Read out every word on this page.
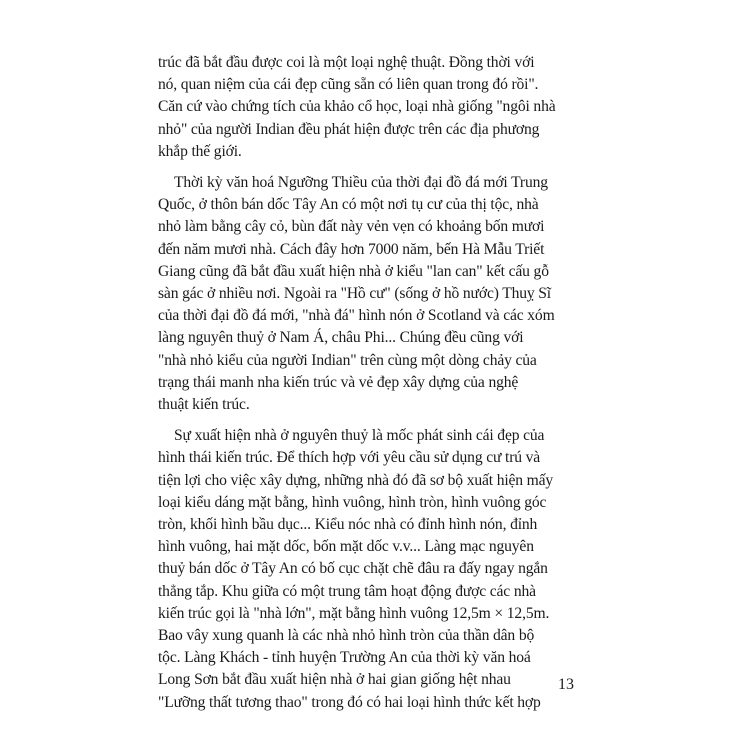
trúc đã bắt đầu được coi là một loại nghệ thuật. Đồng thời với
nó, quan niệm của cái đẹp cũng sẵn có liên quan trong đó rồi".
Căn cứ vào chứng tích của khảo cổ học, loại nhà giống "ngôi nhà
nhỏ" của người Indian đều phát hiện được trên các địa phương
khắp thế giới.

Thời kỳ văn hoá Ngưỡng Thiều của thời đại đồ đá mới Trung
Quốc, ở thôn bán dốc Tây An có một nơi tụ cư của thị tộc, nhà
nhỏ làm bằng cây cỏ, bùn đất này vẻn vẹn có khoảng bốn mươi
đến năm mươi nhà. Cách đây hơn 7000 năm, bến Hà Mẫu Triết
Giang cũng đã bắt đầu xuất hiện nhà ở kiểu "lan can" kết cấu gỗ
sàn gác ở nhiều nơi. Ngoài ra "Hồ cư" (sống ở hồ nước) Thuỵ Sĩ
của thời đại đồ đá mới, "nhà đá" hình nón ở Scotland và các xóm
làng nguyên thuỷ ở Nam Á, châu Phi... Chúng đều cũng với
"nhà nhỏ kiểu của người Indian" trên cùng một dòng chảy của
trạng thái manh nha kiến trúc và vẻ đẹp xây dựng của nghệ
thuật kiến trúc.

Sự xuất hiện nhà ở nguyên thuỷ là mốc phát sinh cái đẹp của
hình thái kiến trúc. Để thích hợp với yêu cầu sử dụng cư trú và
tiện lợi cho việc xây dựng, những nhà đó đã sơ bộ xuất hiện mấy
loại kiểu dáng mặt bằng, hình vuông, hình tròn, hình vuông góc
tròn, khối hình bầu dục... Kiểu nóc nhà có đỉnh hình nón, đỉnh
hình vuông, hai mặt dốc, bốn mặt dốc v.v... Làng mạc nguyên
thuỷ bán dốc ở Tây An có bố cục chặt chẽ đâu ra đấy ngay ngắn
thẳng tắp. Khu giữa có một trung tâm hoạt động được các nhà
kiến trúc gọi là "nhà lớn", mặt bằng hình vuông 12,5m × 12,5m.
Bao vây xung quanh là các nhà nhỏ hình tròn của thần dân bộ
tộc. Làng Khách - tỉnh huyện Trường An của thời kỳ văn hoá
Long Sơn bắt đầu xuất hiện nhà ở hai gian giống hệt nhau
"Lưỡng thất tương thao" trong đó có hai loại hình thức kết hợp

13
